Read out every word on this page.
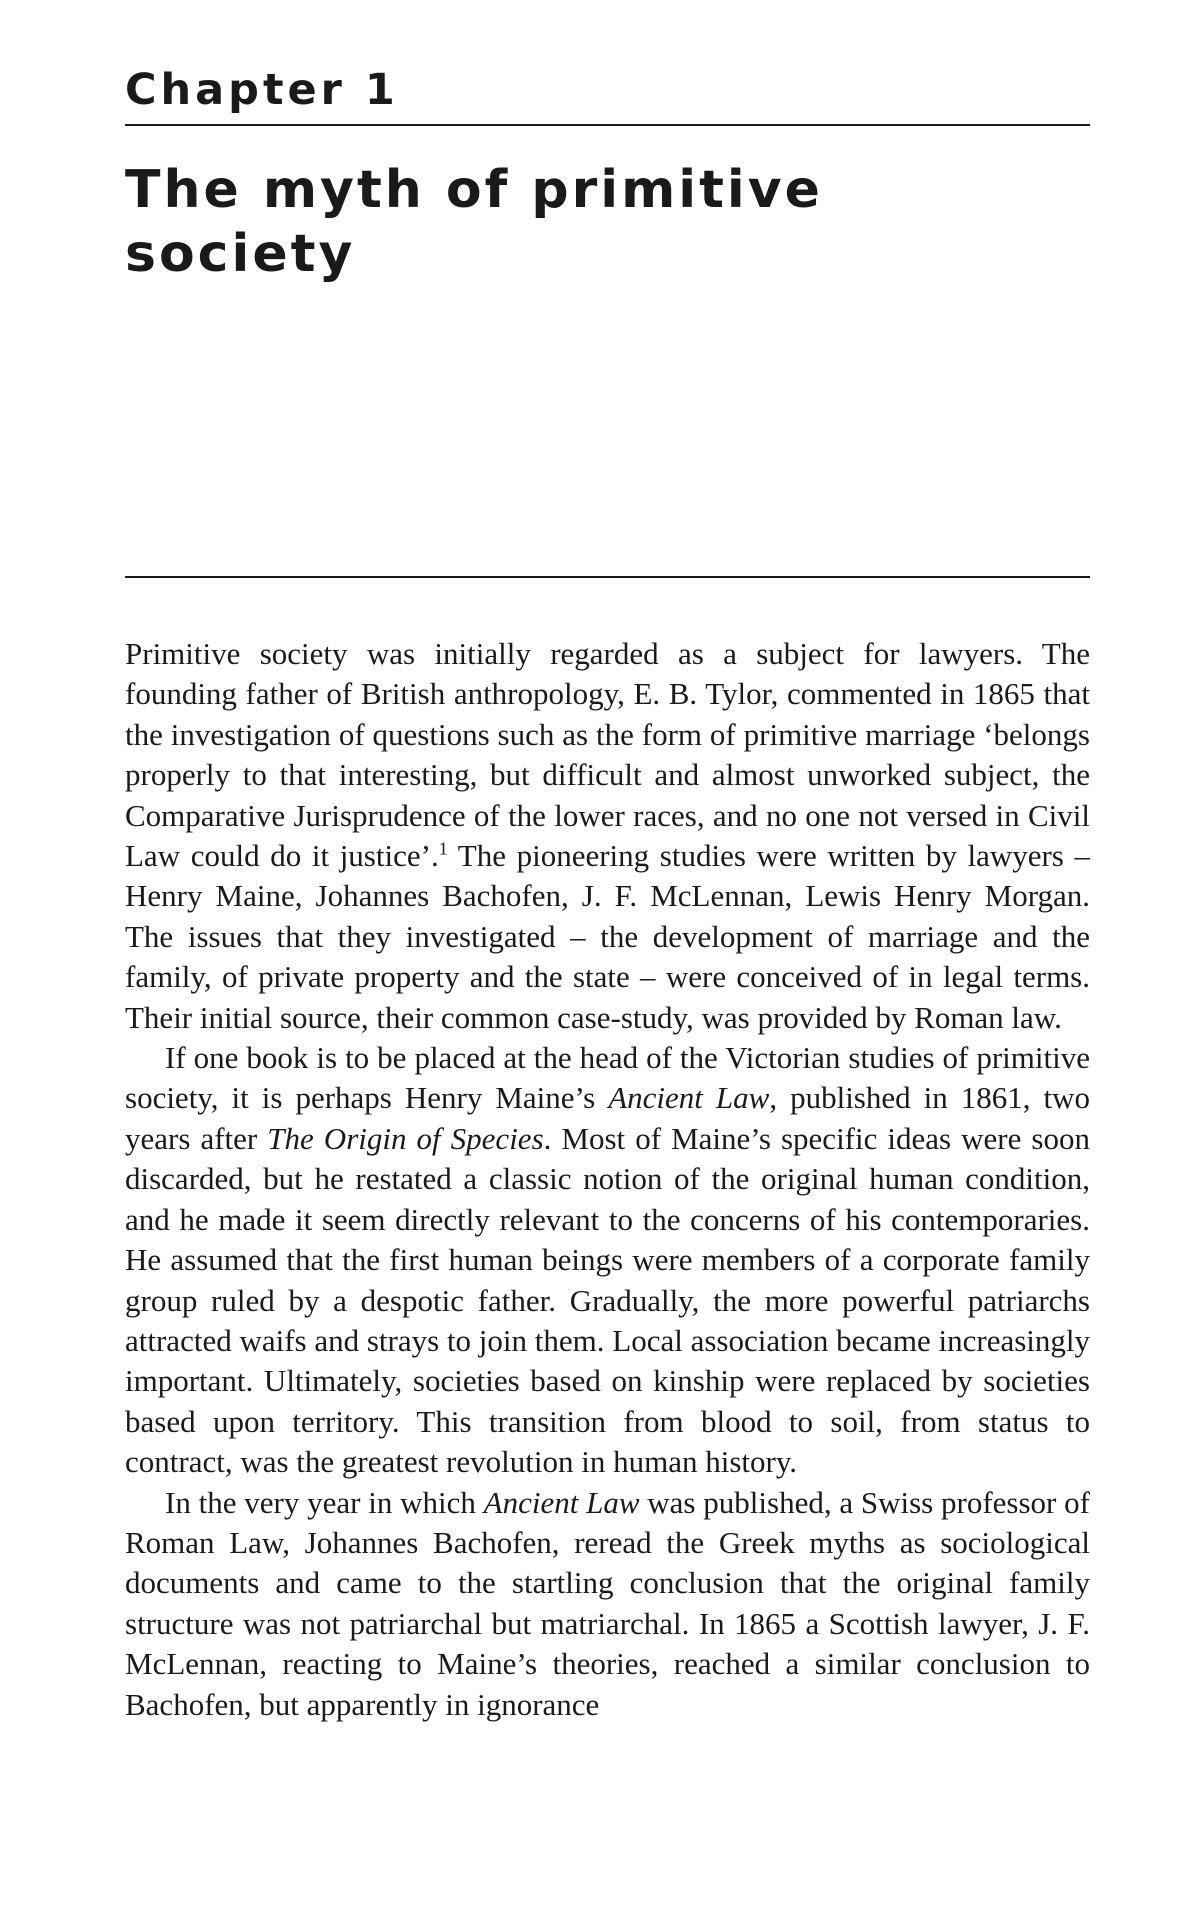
Chapter 1
The myth of primitive society

Primitive society was initially regarded as a subject for lawyers. The founding father of British anthropology, E. B. Tylor, commented in 1865 that the investigation of questions such as the form of primitive marriage ‘belongs properly to that interesting, but difficult and almost unworked subject, the Comparative Jurisprudence of the lower races, and no one not versed in Civil Law could do it justice’.$^1$ The pioneering studies were written by lawyers – Henry Maine, Johannes Bachofen, J. F. McLennan, Lewis Henry Morgan. The issues that they investigated – the development of marriage and the family, of private property and the state – were conceived of in legal terms. Their initial source, their common case-study, was provided by Roman law.

If one book is to be placed at the head of the Victorian studies of primitive society, it is perhaps Henry Maine’s Ancient Law, published in 1861, two years after The Origin of Species. Most of Maine’s specific ideas were soon discarded, but he restated a classic notion of the original human condition, and he made it seem directly relevant to the concerns of his contemporaries. He assumed that the first human beings were members of a corporate family group ruled by a despotic father. Gradually, the more powerful patriarchs attracted waifs and strays to join them. Local association became increasingly important. Ultimately, societies based on kinship were replaced by societies based upon territory. This transition from blood to soil, from status to contract, was the greatest revolution in human history.

In the very year in which Ancient Law was published, a Swiss professor of Roman Law, Johannes Bachofen, reread the Greek myths as sociological documents and came to the startling conclusion that the original family structure was not patriarchal but matriarchal. In 1865 a Scottish lawyer, J. F. McLennan, reacting to Maine’s theories, reached a similar conclusion to Bachofen, but apparently in ignorance
